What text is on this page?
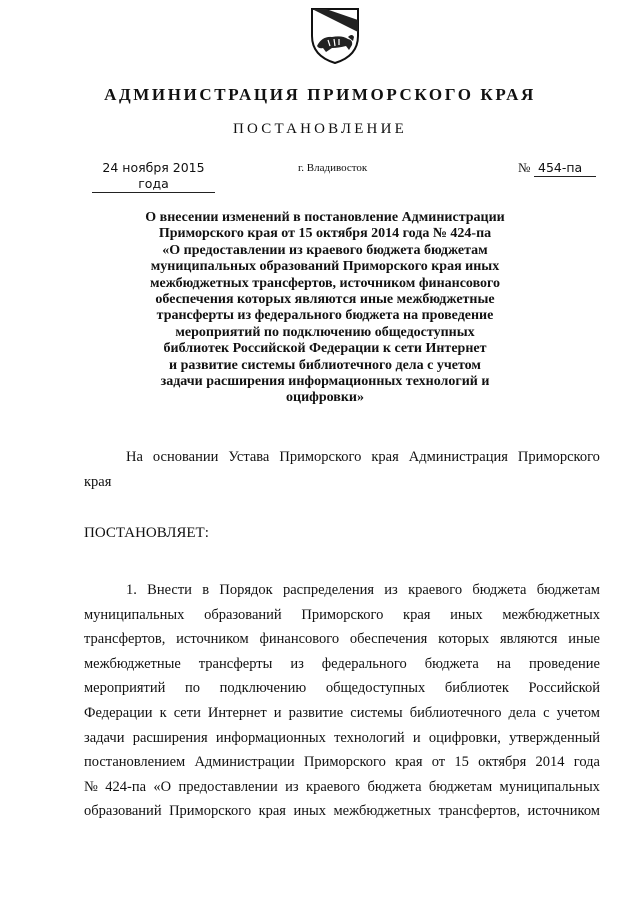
АДМИНИСТРАЦИЯ ПРИМОРСКОГО КРАЯ
ПОСТАНОВЛЕНИЕ
24 ноября 2015 года
г. Владивосток	№ 454-па
О внесении изменений в постановление Администрации
Приморского края от 15 октября 2014 года № 424-па
«О предоставлении из краевого бюджета бюджетам
муниципальных образований Приморского края иных
межбюджетных трансфертов, источником финансового
обеспечения которых являются иные межбюджетные
трансферты из федерального бюджета на проведение
мероприятий по подключению общедоступных
библиотек Российской Федерации к сети Интернет
и развитие системы библиотечного дела с учетом
задачи расширения информационных технологий и
оцифровки»
На основании Устава Приморского края Администрация Приморского
края
ПОСТАНОВЛЯЕТ:
1. Внести в Порядок распределения из краевого бюджета бюджетам
муниципальных образований Приморского края иных межбюджетных
трансфертов, источником финансового обеспечения которых являются иные
межбюджетные трансферты из федерального бюджета на проведение
мероприятий по подключению общедоступных библиотек Российской
Федерации к сети Интернет и развитие системы библиотечного дела с учетом
задачи расширения информационных технологий и оцифровки, утвержденный
постановлением Администрации Приморского края от 15 октября 2014 года
№ 424-па «О предоставлении из краевого бюджета бюджетам муниципальных
образований Приморского края иных межбюджетных трансфертов, источником
